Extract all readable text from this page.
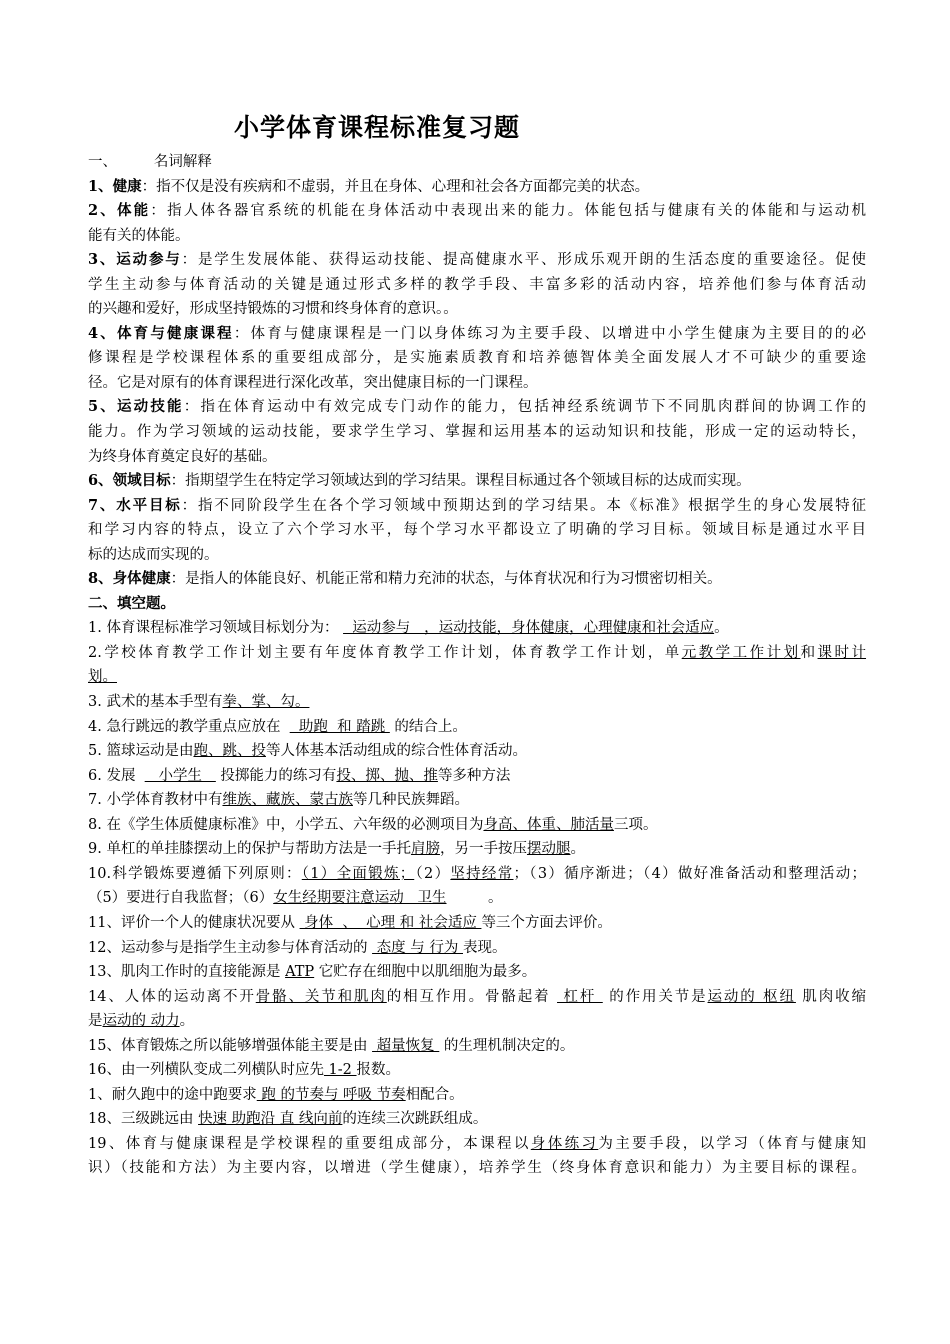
小学体育课程标准复习题
一、        名词解释
1、健康：指不仅是没有疾病和不虚弱，并且在身体、心理和社会各方面都完美的状态。
2、体能：指人体各器官系统的机能在身体活动中表现出来的能力。体能包括与健康有关的体能和与运动机
能有关的体能。
3、运动参与：是学生发展体能、获得运动技能、提高健康水平、形成乐观开朗的生活态度的重要途径。促使
学生主动参与体育活动的关键是通过形式多样的教学手段、丰富多彩的活动内容，培养他们参与体育活动
的兴趣和爱好，形成坚持锻炼的习惯和终身体育的意识。。
4、体育与健康课程：体育与健康课程是一门以身体练习为主要手段、以增进中小学生健康为主要目的的必
修课程是学校课程体系的重要组成部分，是实施素质教育和培养德智体美全面发展人才不可缺少的重要途
径。它是对原有的体育课程进行深化改革，突出健康目标的一门课程。
5、运动技能：指在体育运动中有效完成专门动作的能力，包括神经系统调节下不同肌肉群间的协调工作的
能力。作为学习领域的运动技能，要求学生学习、掌握和运用基本的运动知识和技能，形成一定的运动特长，
为终身体育奠定良好的基础。
6、领域目标：指期望学生在特定学习领域达到的学习结果。课程目标通过各个领域目标的达成而实现。
7、水平目标：指不同阶段学生在各个学习领域中预期达到的学习结果。本《标准》根据学生的身心发展特征
和学习内容的特点，设立了六个学习水平，每个学习水平都设立了明确的学习目标。领域目标是通过水平目
标的达成而实现的。
8、身体健康：是指人的体能良好、机能正常和精力充沛的状态，与体育状况和行为习惯密切相关。
二、填空题。
1. 体育课程标准学习领域目标划分为：   运动参与   ，运动技能，身体健康，心理健康和社会适应。
2.学校体育教学工作计划主要有年度体育教学工作计划，体育教学工作计划，单元教学工作计划和课时计
划。
3. 武术的基本手型有拳、掌、勾。
4. 急行跳远的教学重点应放在    助跑  和 踏跳  的结合上。
5. 篮球运动是由跑、跳、投等人体基本活动组成的综合性体育活动。
6. 发展     小学生    投掷能力的练习有投、掷、抛、推等多种方法
7. 小学体育教材中有维族、藏族、蒙古族等几种民族舞蹈。
8. 在《学生体质健康标准》中，小学五、六年级的必测项目为身高、体重、肺活量三项。
9. 单杠的单挂膝摆动上的保护与帮助方法是一手托肩膀，另一手按压摆动腿。
10.科学锻炼要遵循下列原则：（1）全面锻炼；（2）坚持经常；（3）循序渐进；（4）做好准备活动和整理活动；
（5）要进行自我监督；（6）女生经期要注意运动   卫生         。
11、评价一个人的健康状况要从  身体  、  心理 和 社会适应 等三个方面去评价。
12、运动参与是指学生主动参与体育活动的  态度 与 行为 表现。
13、肌肉工作时的直接能源是 ATP 它贮存在细胞中以肌细胞为最多。
14、人体的运动离不开骨骼、关节和肌肉的相互作用。骨骼起着  杠杆  的作用关节是运动的 枢纽 肌肉收缩
是运动的 动力。
15、体育锻炼之所以能够增强体能主要是由  超量恢复  的生理机制决定的。
16、由一列横队变成二列横队时应先 1-2 报数。
1、耐久跑中的途中跑要求 跑 的节奏与 呼吸 节奏相配合。
18、三级跳远由 快速 助跑沿 直 线向前的连续三次跳跃组成。
19、体育与健康课程是学校课程的重要组成部分，本课程以身体练习为主要手段，以学习（体育与健康知
识）（技能和方法）为主要内容，以增进（学生健康），培养学生（终身体育意识和能力）为主要目标的课程。
